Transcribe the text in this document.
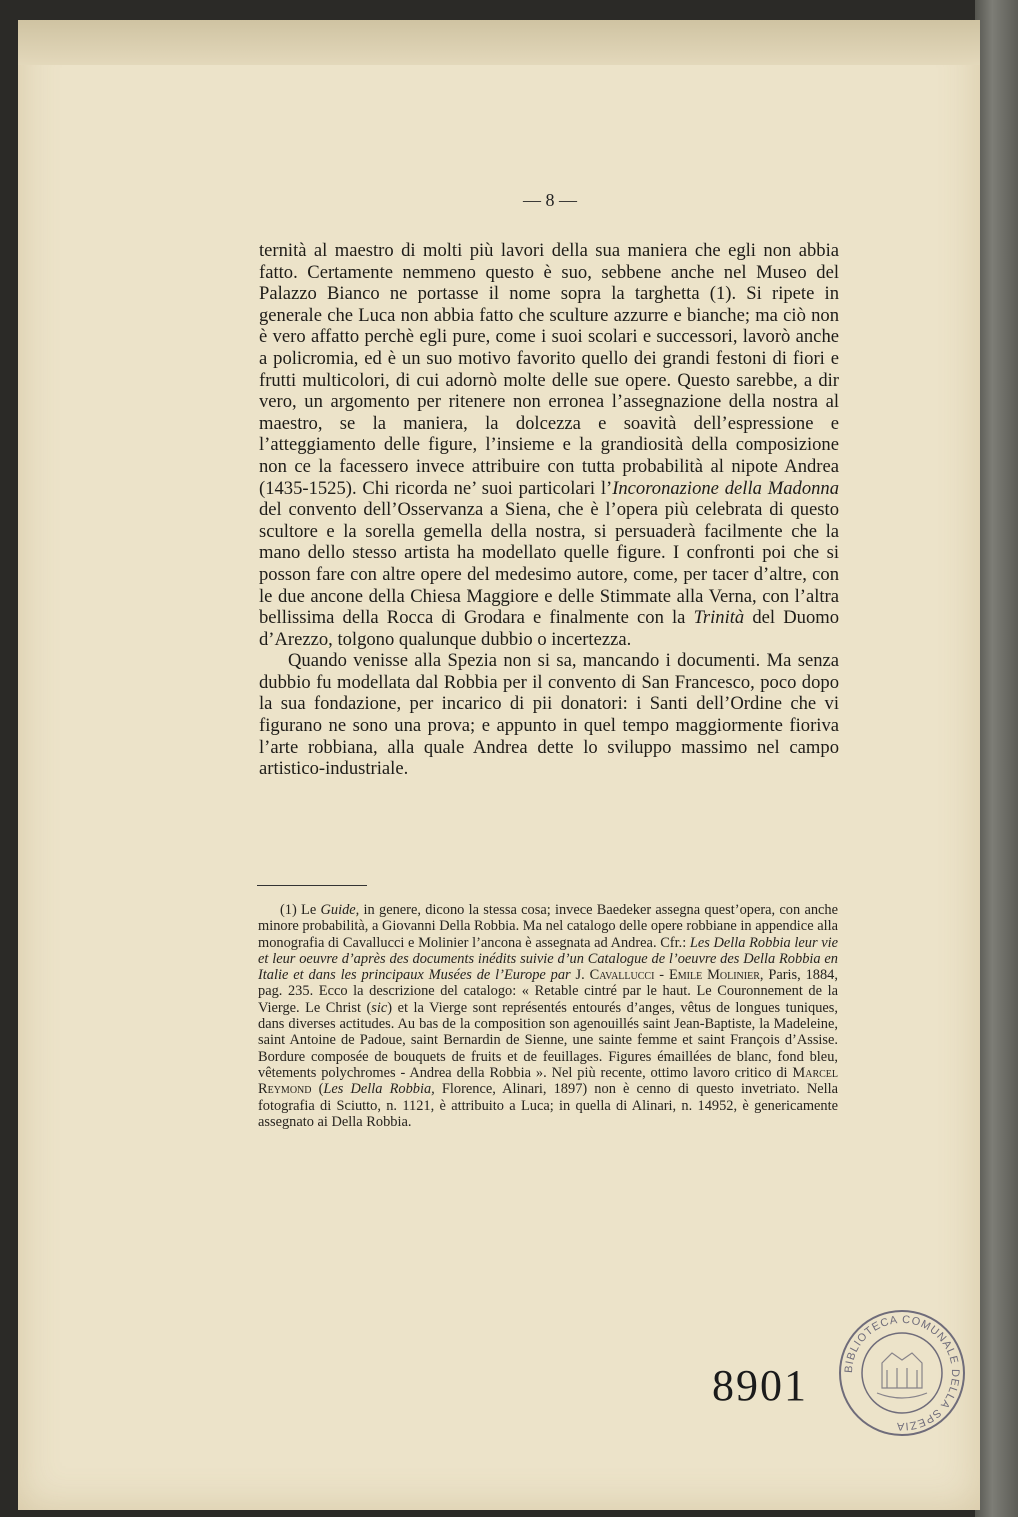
— 8 —

ternità al maestro di molti più lavori della sua maniera che egli non abbia fatto. Certamente nemmeno questo è suo, sebbene anche nel Museo del Palazzo Bianco ne portasse il nome sopra la targhetta (1). Si ripete in generale che Luca non abbia fatto che sculture azzurre e bianche; ma ciò non è vero affatto perchè egli pure, come i suoi scolari e successori, lavorò anche a policromia, ed è un suo motivo favorito quello dei grandi festoni di fiori e frutti multicolori, di cui adornò molte delle sue opere. Questo sarebbe, a dir vero, un argomento per ritenere non erronea l’assegnazione della nostra al maestro, se la maniera, la dolcezza e soavità dell’espressione e l’atteggiamento delle figure, l’insieme e la grandiosità della composizione non ce la facessero invece attribuire con tutta probabilità al nipote Andrea (1435-1525). Chi ricorda ne’ suoi particolari l’Incoronazione della Madonna del convento dell’Osservanza a Siena, che è l’opera più celebrata di questo scultore e la sorella gemella della nostra, si persuaderà facilmente che la mano dello stesso artista ha modellato quelle figure. I confronti poi che si posson fare con altre opere del medesimo autore, come, per tacer d’altre, con le due ancone della Chiesa Maggiore e delle Stimmate alla Verna, con l’altra bellissima della Rocca di Grodara e finalmente con la Trinità del Duomo d’Arezzo, tolgono qualunque dubbio o incertezza.

Quando venisse alla Spezia non si sa, mancando i documenti. Ma senza dubbio fu modellata dal Robbia per il convento di San Francesco, poco dopo la sua fondazione, per incarico di pii donatori: i Santi dell’Ordine che vi figurano ne sono una prova; e appunto in quel tempo maggiormente fioriva l’arte robbiana, alla quale Andrea dette lo sviluppo massimo nel campo artistico-industriale.

(1) Le Guide, in genere, dicono la stessa cosa; invece Baedeker assegna quest’opera, con anche minore probabilità, a Giovanni Della Robbia. Ma nel catalogo delle opere robbiane in appendice alla monografia di Cavallucci e Molinier l’ancona è assegnata ad Andrea. Cfr.: Les Della Robbia leur vie et leur oeuvre d’après des documents inédits suivie d’un Catalogue de l’oeuvre des Della Robbia en Italie et dans les principaux Musées de l’Europe par J. Cavallucci - Emile Molinier, Paris, 1884, pag. 235. Ecco la descrizione del catalogo: « Retable cintré par le haut. Le Couronnement de la Vierge. Le Christ (sic) et la Vierge sont représentés entourés d’anges, vêtus de longues tuniques, dans diverses actitudes. Au bas de la composition son agenouillés saint Jean-Baptiste, la Madeleine, saint Antoine de Padoue, saint Bernardin de Sienne, une sainte femme et saint François d’Assise. Bordure composée de bouquets de fruits et de feuillages. Figures émaillées de blanc, fond bleu, vêtements polychromes - Andrea della Robbia ». Nel più recente, ottimo lavoro critico di Marcel Reymond (Les Della Robbia, Florence, Alinari, 1897) non è cenno di questo invetriato. Nella fotografia di Sciutto, n. 1121, è attribuito a Luca; in quella di Alinari, n. 14952, è genericamente assegnato ai Della Robbia.

8901	BIBLIOTECA COMUNALE DELLA SPEZIA
